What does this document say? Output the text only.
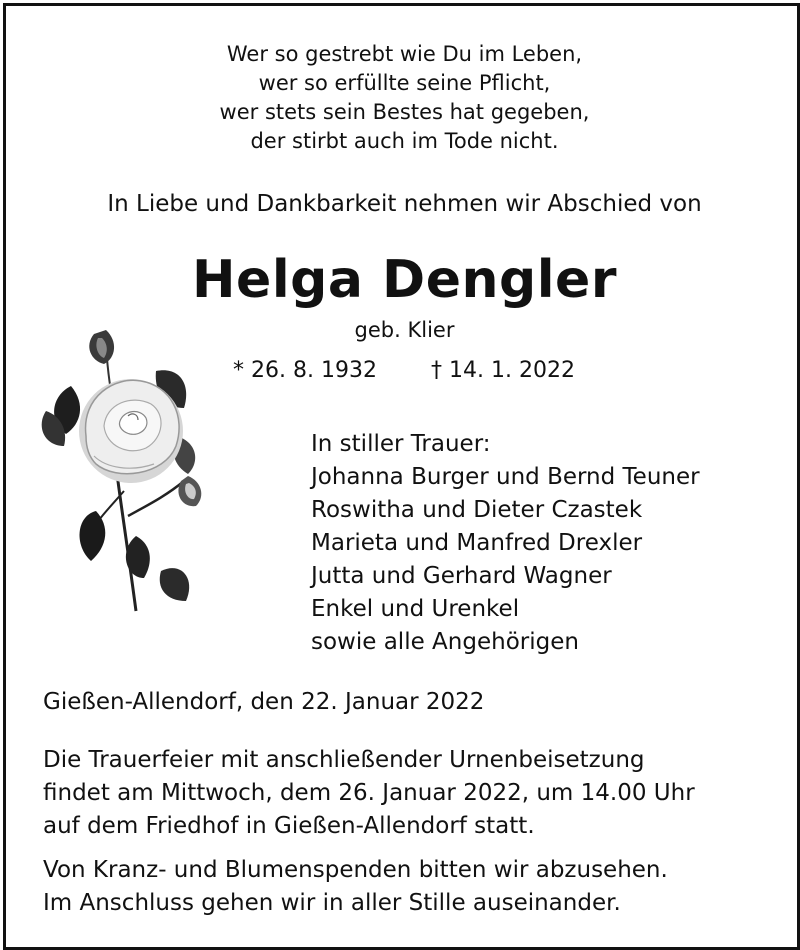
Wer so gestrebt wie Du im Leben,
wer so erfüllte seine Pflicht,
wer stets sein Bestes hat gegeben,
der stirbt auch im Tode nicht.
In Liebe und Dankbarkeit nehmen wir Abschied von
Helga Dengler
geb. Klier
* 26. 8. 1932 † 14. 1. 2022
In stiller Trauer:
Johanna Burger und Bernd Teuner
Roswitha und Dieter Czastek
Marieta und Manfred Drexler
Jutta und Gerhard Wagner
Enkel und Urenkel
sowie alle Angehörigen
Gießen-Allendorf, den 22. Januar 2022
Die Trauerfeier mit anschließender Urnenbeisetzung
findet am Mittwoch, dem 26. Januar 2022, um 14.00 Uhr
auf dem Friedhof in Gießen-Allendorf statt.
Von Kranz- und Blumenspenden bitten wir abzusehen.
Im Anschluss gehen wir in aller Stille auseinander.
